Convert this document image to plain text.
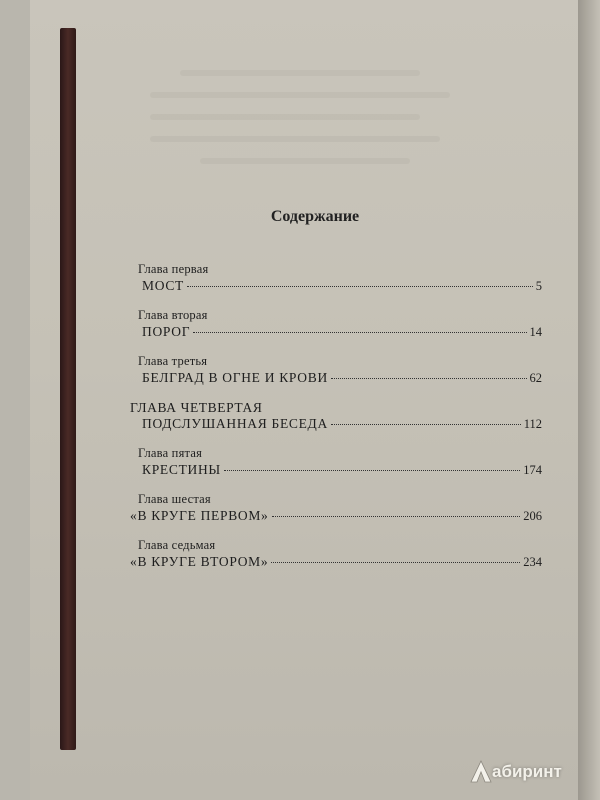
Содержание
Глава первая
МОСТ	5
Глава вторая
ПОРОГ	14
Глава третья
БЕЛГРАД В ОГНЕ И КРОВИ	62
ГЛАВА ЧЕТВЕРТАЯ
ПОДСЛУШАННАЯ БЕСЕДА	112
Глава пятая
КРЕСТИНЫ	174
Глава шестая
«В КРУГЕ ПЕРВОМ»	206
Глава седьмая
«В КРУГЕ ВТОРОМ»	234
абиринт
